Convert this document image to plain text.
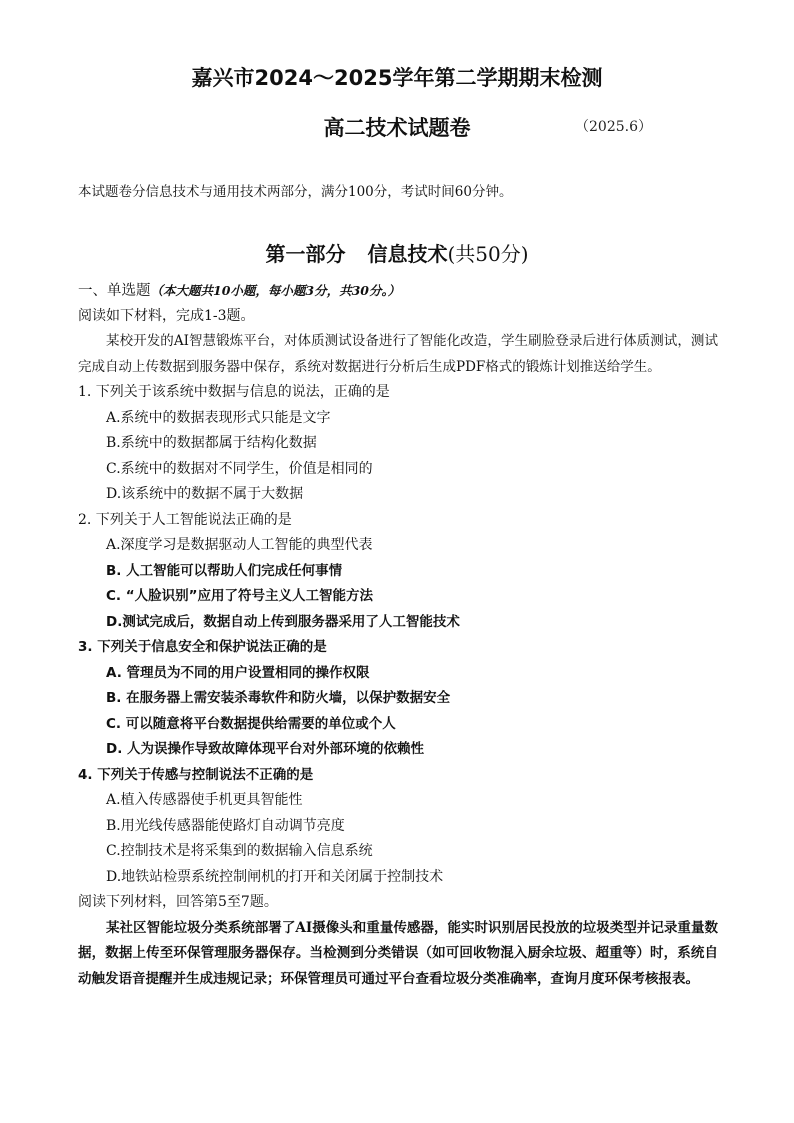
嘉兴市2024～2025学年第二学期期末检测
高二技术试题卷	（2025.6）
本试题卷分信息技术与通用技术两部分，满分100分，考试时间60分钟。
第一部分 信息技术(共50分)
一、单选题（本大题共10小题，每小题3分，共30分。）
阅读如下材料，完成1-3题。

某校开发的AI智慧锻炼平台，对体质测试设备进行了智能化改造，学生刷脸登录后进行体质测试，测试完成自动上传数据到服务器中保存，系统对数据进行分析后生成PDF格式的锻炼计划推送给学生。

1. 下列关于该系统中数据与信息的说法，正确的是
A.系统中的数据表现形式只能是文字
B.系统中的数据都属于结构化数据
C.系统中的数据对不同学生，价值是相同的
D.该系统中的数据不属于大数据
2. 下列关于人工智能说法正确的是
A.深度学习是数据驱动人工智能的典型代表
B. 人工智能可以帮助人们完成任何事情
C. “人脸识别”应用了符号主义人工智能方法
D.测试完成后，数据自动上传到服务器采用了人工智能技术
3. 下列关于信息安全和保护说法正确的是
A. 管理员为不同的用户设置相同的操作权限
B. 在服务器上需安装杀毒软件和防火墙，以保护数据安全
C. 可以随意将平台数据提供给需要的单位或个人
D. 人为误操作导致故障体现平台对外部环境的依赖性
4. 下列关于传感与控制说法不正确的是
A.植入传感器使手机更具智能性
B.用光线传感器能使路灯自动调节亮度
C.控制技术是将采集到的数据输入信息系统
D.地铁站检票系统控制闸机的打开和关闭属于控制技术
阅读下列材料，回答第5至7题。

某社区智能垃圾分类系统部署了AI摄像头和重量传感器，能实时识别居民投放的垃圾类型并记录重量数据，数据上传至环保管理服务器保存。当检测到分类错误（如可回收物混入厨余垃圾、超重等）时，系统自动触发语音提醒并生成违规记录；环保管理员可通过平台查看垃圾分类准确率，查询月度环保考核报表。
